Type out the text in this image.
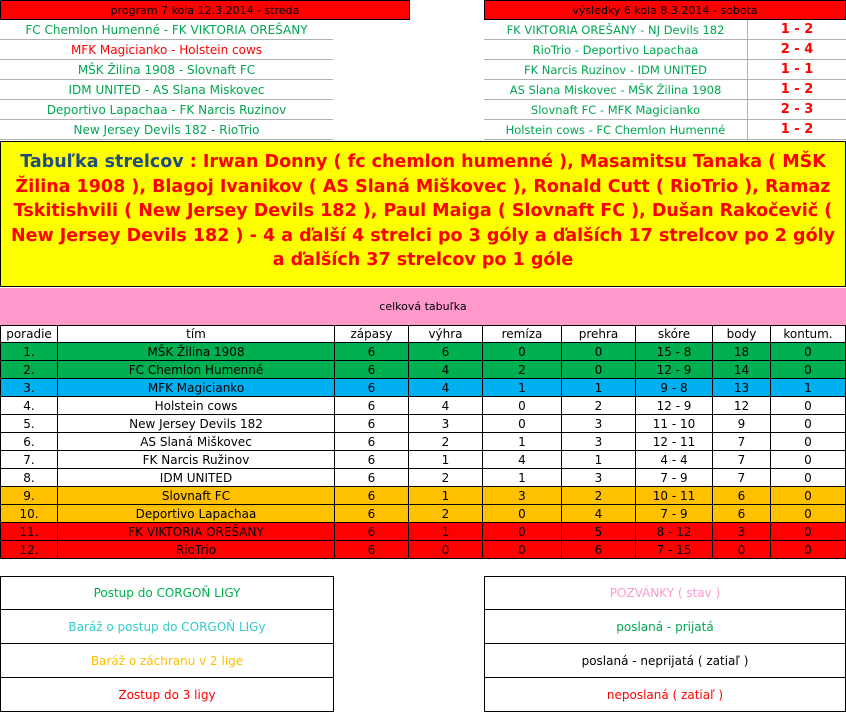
program 7 kola 12.3.2014 - streda
FC Chemlon Humenné - FK VIKTORIA OREŠANY
MFK Magicianko - Holstein cows
MŠK Žilina 1908 - Slovnaft FC
IDM UNITED - AS Slana Miskovec
Deportivo Lapachaa - FK Narcis Ruzinov
New Jersey Devils 182 - RioTrio
výsledky 6 kola 8.3.2014 - sobota
FK VIKTORIA OREŠANY - NJ Devils 182	1 - 2
RioTrio - Deportivo Lapachaa	2 - 4
FK Narcis Ruzinov - IDM UNITED	1 - 1
AS Slana Miskovec - MŠK Žilina 1908	1 - 2
Slovnaft FC - MFK Magicianko	2 - 3
Holstein cows - FC Chemlon Humenné	1 - 2
Tabuľka strelcov : Irwan Donny ( fc chemlon humenné ), Masamitsu Tanaka ( MŠK Žilina 1908 ), Blagoj Ivanikov ( AS Slaná Miškovec ), Ronald Cutt ( RioTrio ), Ramaz Tskitishvili ( New Jersey Devils 182 ), Paul Maiga ( Slovnaft FC ), Dušan Rakočevič ( New Jersey Devils 182 ) - 4 a ďalší 4 strelci po 3 góly a ďalších 17 strelcov po 2 góly a ďalších 37 strelcov po 1 góle
celková tabuľka
poradie	tím	zápasy	výhra	remíza	prehra	skóre	body	kontum.
1.	MŠK Žilina 1908	6	6	0	0	15 - 8	18	0
2.	FC Chemlon Humenné	6	4	2	0	12 - 9	14	0
3.	MFK Magicianko	6	4	1	1	9 - 8	13	1
4.	Holstein cows	6	4	0	2	12 - 9	12	0
5.	New Jersey Devils 182	6	3	0	3	11 - 10	9	0
6.	AS Slaná Miškovec	6	2	1	3	12 - 11	7	0
7.	FK Narcis Ružinov	6	1	4	1	4 - 4	7	0
8.	IDM UNITED	6	2	1	3	7 - 9	7	0
9.	Slovnaft FC	6	1	3	2	10 - 11	6	0
10.	Deportivo Lapachaa	6	2	0	4	7 - 9	6	0
11.	FK VIKTORIA OREŠANY	6	1	0	5	8 - 12	3	0
12.	RioTrio	6	0	0	6	7 - 15	0	0
Postup do CORGOŇ LIGY
Baráž o postup do CORGOŇ LIGy
Baráž o záchranu v 2 lige
Zostup do 3 ligy
POZVÁNKY ( stav )
poslaná - prijatá
poslaná - neprijatá ( zatiaľ )
neposlaná ( zatiaľ )
